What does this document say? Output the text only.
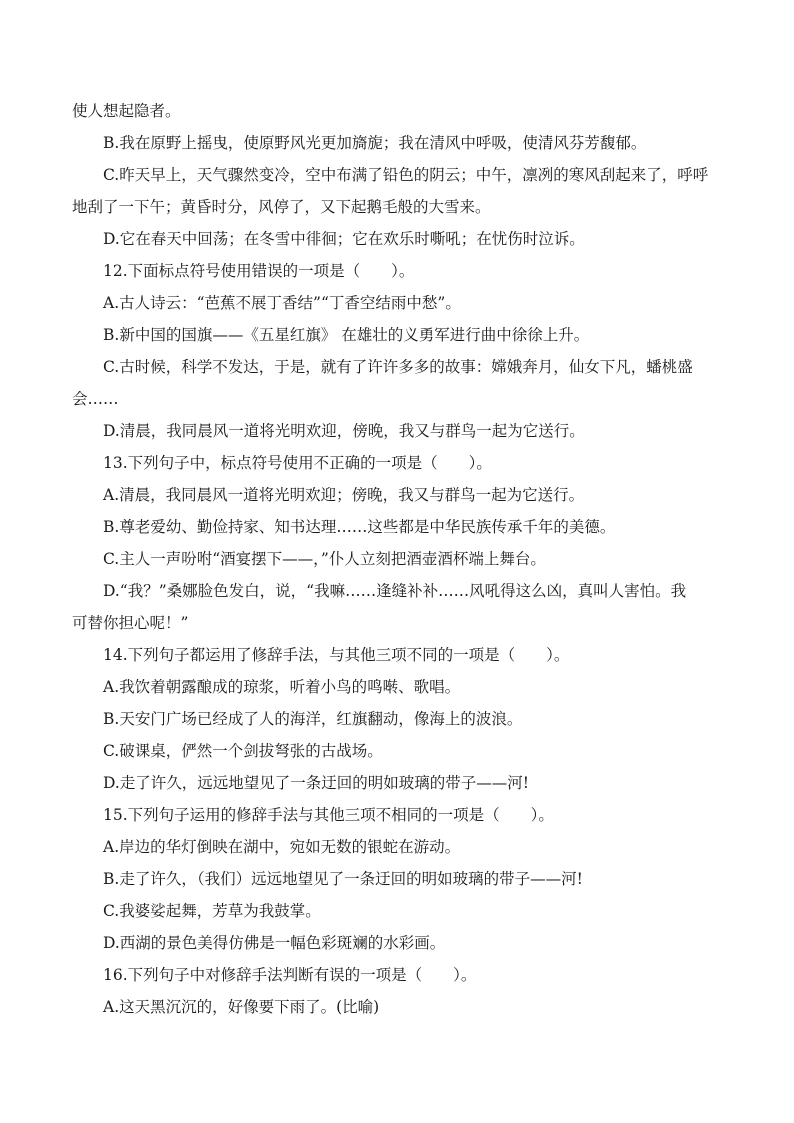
使人想起隐者。
B.我在原野上摇曳，使原野风光更加旖旎；我在清风中呼吸，使清风芬芳馥郁。
C.昨天早上，天气骤然变冷，空中布满了铅色的阴云；中午，凛冽的寒风刮起来了，呼呼
地刮了一下午；黄昏时分，风停了，又下起鹅毛般的大雪来。
D.它在春天中回荡；在冬雪中徘徊；它在欢乐时嘶吼；在忧伤时泣诉。
12.下面标点符号使用错误的一项是（　　）。
A.古人诗云：“芭蕉不展丁香结”“丁香空结雨中愁”。
B.新中国的国旗——《五星红旗》 在雄壮的义勇军进行曲中徐徐上升。
C.古时候，科学不发达，于是，就有了许许多多的故事：嫦娥奔月，仙女下凡，蟠桃盛
会……
D.清晨，我同晨风一道将光明欢迎，傍晚，我又与群鸟一起为它送行。
13.下列句子中，标点符号使用不正确的一项是（　　）。
A.清晨，我同晨风一道将光明欢迎；傍晚，我又与群鸟一起为它送行。
B.尊老爱幼、勤俭持家、知书达理……这些都是中华民族传承千年的美德。
C.主人一声吩咐“酒宴摆下——，”仆人立刻把酒壶酒杯端上舞台。
D.“我？”桑娜脸色发白，说，“我嘛……逢缝补补……风吼得这么凶，真叫人害怕。我
可替你担心呢！”
14.下列句子都运用了修辞手法，与其他三项不同的一项是（　　）。
A.我饮着朝露酿成的琼浆，听着小鸟的鸣啭、歌唱。
B.天安门广场已经成了人的海洋，红旗翻动，像海上的波浪。
C.破课桌，俨然一个剑拔弩张的古战场。
D.走了许久，远远地望见了一条迂回的明如玻璃的带子——河!
15.下列句子运用的修辞手法与其他三项不相同的一项是（　　）。
A.岸边的华灯倒映在湖中，宛如无数的银蛇在游动。
B.走了许久，（我们）远远地望见了一条迂回的明如玻璃的带子——河!
C.我婆娑起舞，芳草为我鼓掌。
D.西湖的景色美得仿佛是一幅色彩斑斓的水彩画。
16.下列句子中对修辞手法判断有误的一项是（　　）。
A.这天黑沉沉的，好像要下雨了。(比喻)
